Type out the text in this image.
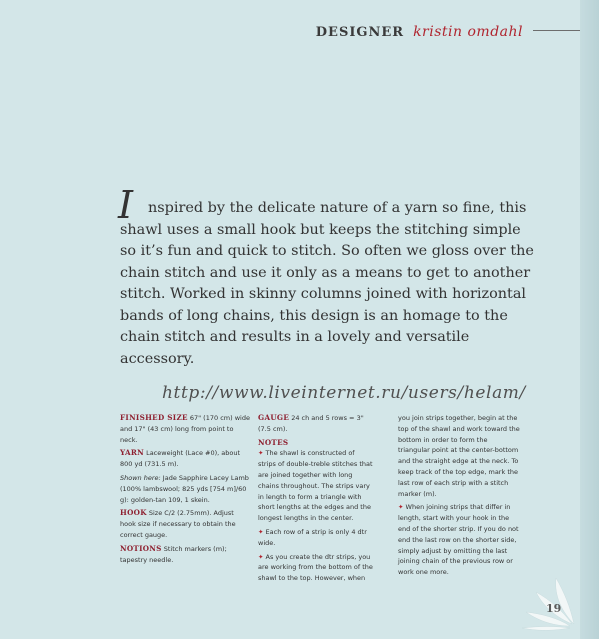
DESIGNER kristin omdahl
I	nspired by the delicate nature of a yarn so fine, this
shawl uses a small hook but keeps the stitching simple so it’s fun and quick to stitch. So often we gloss over the chain stitch and use it only as a means to get to another stitch. Worked in skinny columns joined with horizontal bands of long chains, this design is an homage to the chain stitch and results in a lovely and versatile accessory.
http://www.liveinternet.ru/users/helam/
FINISHED SIZE 67" (170 cm) wide and 17" (43 cm) long from point to neck.
YARN Laceweight (Lace #0), about 800 yd (731.5 m).
Shown here: Jade Sapphire Lacey Lamb (100% lambswool; 825 yds [754 m]/60 g): golden-tan 109, 1 skein.
HOOK Size C/2 (2.75mm). Adjust hook size if necessary to obtain the correct gauge.
NOTIONS Stitch markers (m); tapestry needle.
GAUGE 24 ch and 5 rows = 3" (7.5 cm).
NOTES
✦ The shawl is constructed of strips of double-treble stitches that are joined together with long chains throughout. The strips vary in length to form a triangle with short lengths at the edges and the longest lengths in the center.
✦ Each row of a strip is only 4 dtr wide.
✦ As you create the dtr strips, you are working from the bottom of the shawl to the top. However, when
you join strips together, begin at the top of the shawl and work toward the bottom in order to form the triangular point at the center-bottom and the straight edge at the neck. To keep track of the top edge, mark the last row of each strip with a stitch marker (m).
✦ When joining strips that differ in length, start with your hook in the end of the shorter strip. If you do not end the last row on the shorter side, simply adjust by omitting the last joining chain of the previous row or work one more.
19
